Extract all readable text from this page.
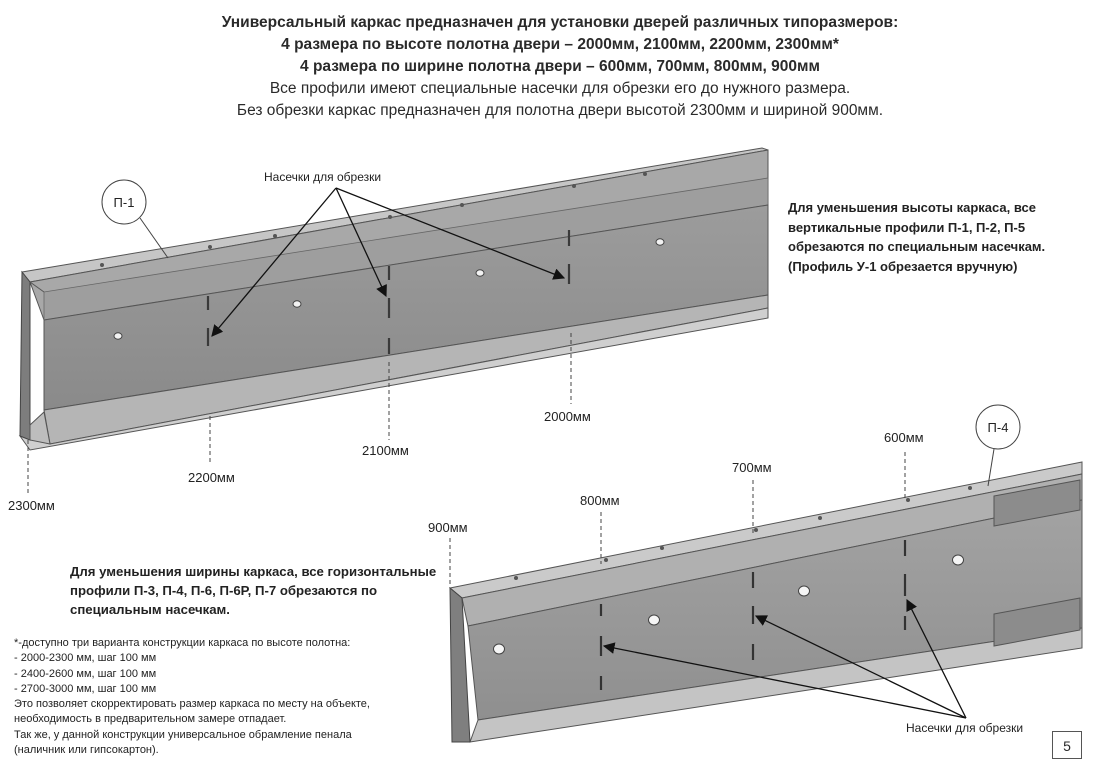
Универсальный каркас предназначен для установки дверей различных типоразмеров:
4 размера по высоте полотна двери – 2000мм, 2100мм, 2200мм, 2300мм*
4 размера по ширине полотна двери – 600мм, 700мм, 800мм, 900мм
Все профили имеют специальные насечки для обрезки его до нужного размера.
Без обрезки каркас предназначен для полотна двери высотой 2300мм и шириной 900мм.
2000мм
2100мм
2200мм
2300мм
Насечки для обрезки
П-1
600мм
700мм
800мм
900мм
Насечки для обрезки
П-4
Для уменьшения высоты каркаса, все вертикальные профили П-1, П-2, П-5 обрезаются по специальным насечкам. (Профиль У-1 обрезается вручную)
Для уменьшения ширины каркаса, все горизонтальные профили П-3, П-4, П-6, П-6Р, П-7 обрезаются по специальным насечкам.
*-доступно три варианта конструкции каркаса по высоте полотна:
- 2000-2300 мм, шаг 100 мм
- 2400-2600 мм, шаг 100 мм
- 2700-3000 мм, шаг 100 мм
Это позволяет скорректировать размер каркаса по месту на объекте,
необходимость в предварительном замере отпадает.
Так же, у данной конструкции универсальное обрамление пенала
(наличник или гипсокартон).	5
